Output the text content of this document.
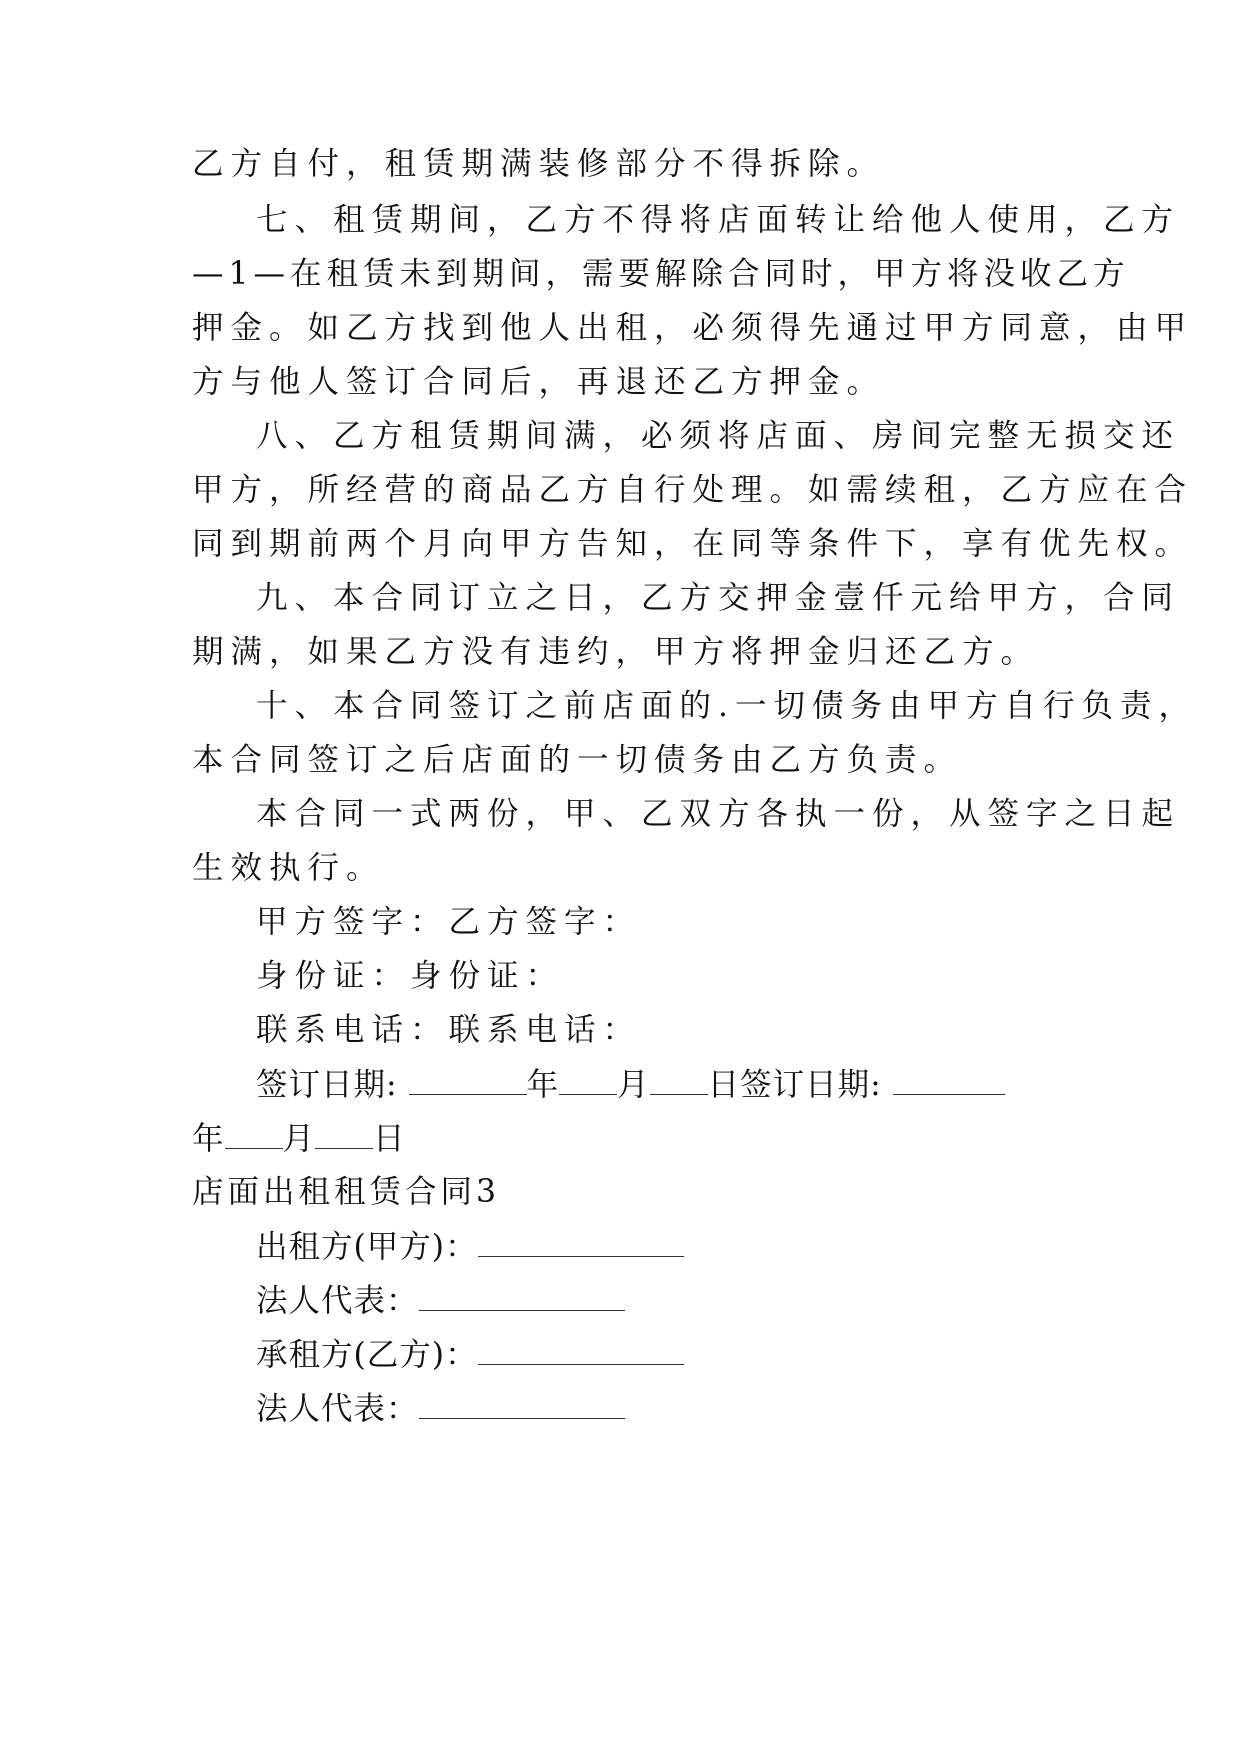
乙方自付，租赁期满装修部分不得拆除。
七、租赁期间，乙方不得将店面转让给他人使用，乙方
—1—在租赁未到期间，需要解除合同时，甲方将没收乙方
押金。如乙方找到他人出租，必须得先通过甲方同意，由甲
方与他人签订合同后，再退还乙方押金。
八、乙方租赁期间满，必须将店面、房间完整无损交还
甲方，所经营的商品乙方自行处理。如需续租，乙方应在合
同到期前两个月向甲方告知，在同等条件下，享有优先权。
九、本合同订立之日，乙方交押金壹仟元给甲方，合同
期满，如果乙方没有违约，甲方将押金归还乙方。
十、本合同签订之前店面的.一切债务由甲方自行负责，
本合同签订之后店面的一切债务由乙方负责。
本合同一式两份，甲、乙双方各执一份，从签字之日起
生效执行。
甲方签字：乙方签字：
身份证：身份证：
联系电话：联系电话：
签订日期:	年 月 日签订日期:
年 月 日
店面出租租赁合同3
出租方(甲方)：
法人代表：
承租方(乙方)：
法人代表：
